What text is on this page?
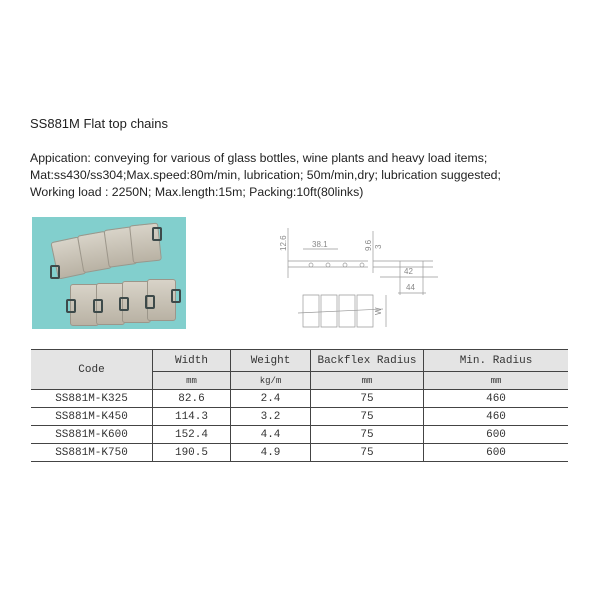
SS881M Flat top chains
Appication: conveying for various of glass bottles, wine plants and heavy load items;
Mat:ss430/ss304;Max.speed:80m/min, lubrication; 50m/min,dry; lubrication suggested;
Working load : 2250N; Max.length:15m; Packing:10ft(80links)
12.6	38.1	9.6 3
42
44
W
Code	Width	Weight	Backflex Radius	Min. Radius
	mm	kg/m	mm	mm
SS881M-K325	82.6	2.4	75	460
SS881M-K450	114.3	3.2	75	460
SS881M-K600	152.4	4.4	75	600
SS881M-K750	190.5	4.9	75	600
